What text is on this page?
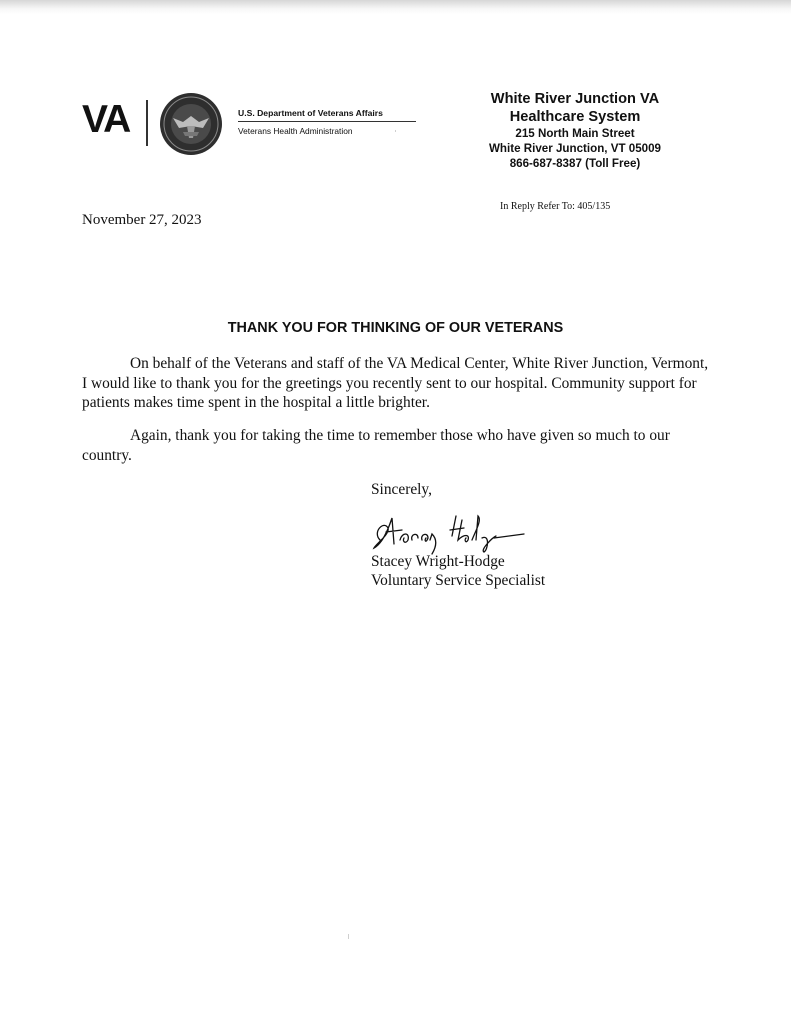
VA	U.S. Department of Veterans Affairs
Veterans Health Administration
White River Junction VA
Healthcare System
215 North Main Street
White River Junction, VT 05009
866-687-8387 (Toll Free)
In Reply Refer To: 405/135
November 27, 2023
THANK YOU FOR THINKING OF OUR VETERANS

On behalf of the Veterans and staff of the VA Medical Center, White River Junction, Vermont, I would like to thank you for the greetings you recently sent to our hospital. Community support for patients makes time spent in the hospital a little brighter.

Again, thank you for taking the time to remember those who have given so much to our country.

Sincerely,
Stacey Wright-Hodge
Voluntary Service Specialist
